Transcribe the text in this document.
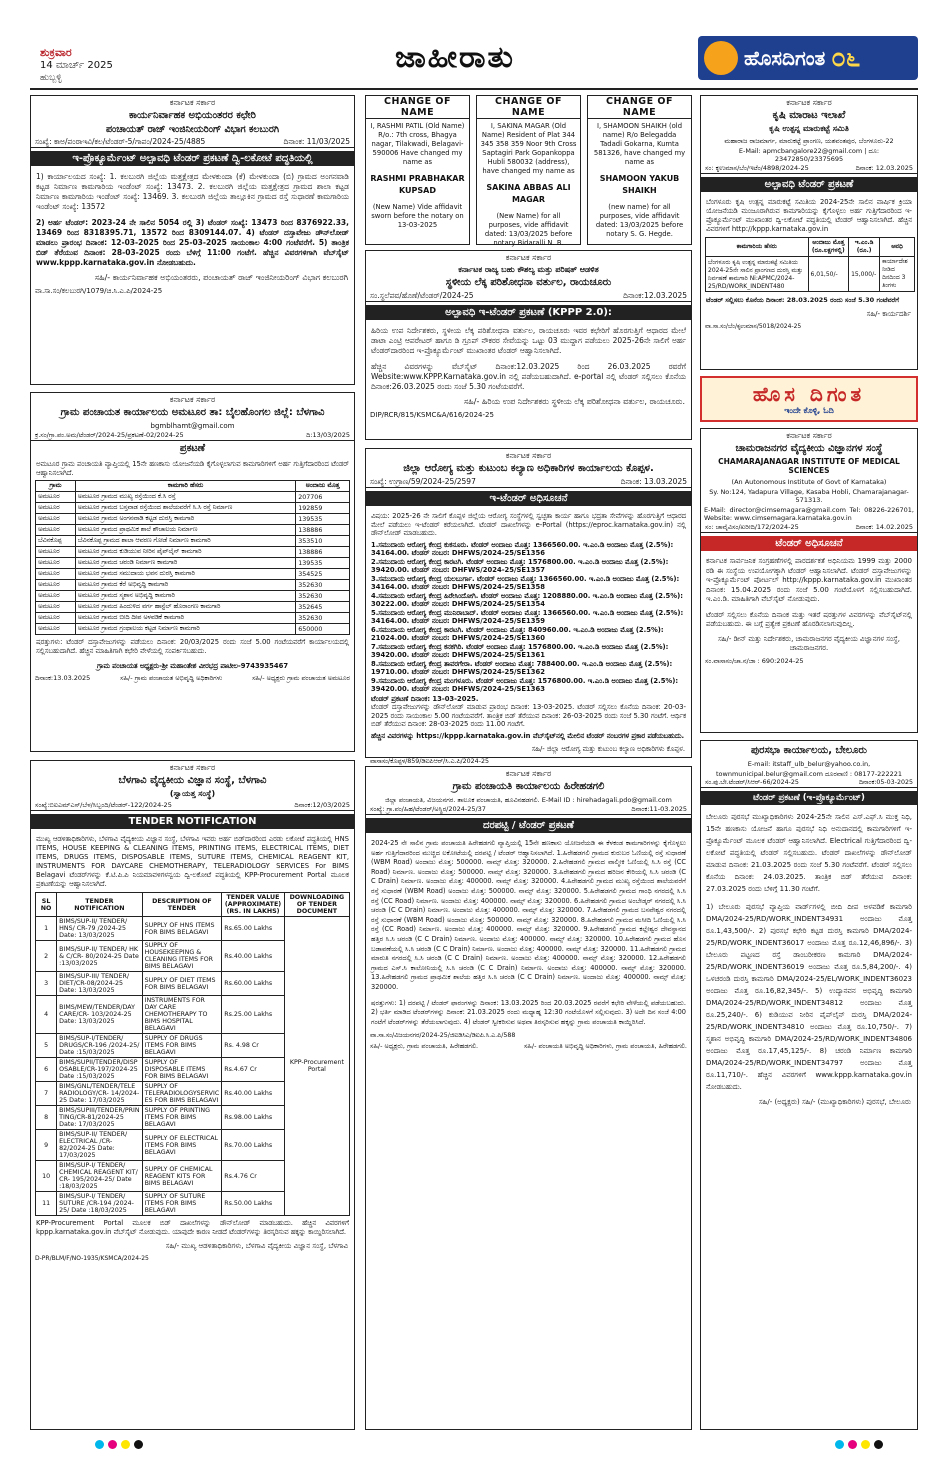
ಶುಕ್ರವಾರ
14 ಮಾರ್ಚ್ 2025
ಹುಬ್ಬಳ್ಳಿ
ಜಾಹೀರಾತು	ಹೊಸದಿಗಂತ ೦೬
ಕರ್ನಾಟಕ ಸರ್ಕಾರ
ಕಾರ್ಯನಿರ್ವಾಹಕ ಅಭಿಯಂತರರ ಕಛೇರಿ
ಪಂಚಾಯತ್ ರಾಜ್ ಇಂಜಿನೀಯರಿಂಗ್ ವಿಭಾಗ ಕಲಬುರಗಿ
ಸಂಖ್ಯೆ: ಕಾಅ/ಪಂರಾಇವಿ/ಕಲ/ಟೆಂಡರ್-5/ಗಾಪಂ/2024-25/4885	ದಿನಾಂಕ: 11/03/2025
ಇ-ಪ್ರೊಕ್ಯೂರ್ಮೆಂಟ್ ಅಲ್ಪಾವಧಿ ಟೆಂಡರ್ ಪ್ರಕಟಣೆ ದ್ವಿ-ಲಕೋಟೆ ಪದ್ಧತಿಯಲ್ಲಿ
1) ಕಾರ್ಯಾಲಯದ ಸಂಖ್ಯೆ: 1. ಕಲಬುರಗಿ ಜಿಲ್ಲೆಯ ಮತ್ತಕ್ಷೇತ್ರದ ಮೇಳಕುಂದಾ (ಕೆ) ಮೇಳಕುಂದಾ (ಬಿ) ಗ್ರಾಮದ ಅಂಗನವಾಡಿ ಕಟ್ಟಡ ನಿರ್ಮಾಣ ಕಾಮಗಾರಿಯ ಇಂಡೆಂಟ್ ಸಂಖ್ಯೆ: 13473. 2. ಕಲಬುರಗಿ ಜಿಲ್ಲೆಯ ಮತ್ತಕ್ಷೇತ್ರದ ಗ್ರಾಮದ ಶಾಲಾ ಕಟ್ಟಡ ನಿರ್ಮಾಣ ಕಾಮಗಾರಿಯ ಇಂಡೆಂಟ್ ಸಂಖ್ಯೆ: 13469. 3. ಕಲಬುರಗಿ ಜಿಲ್ಲೆಯ ತಾಲ್ಲೂಕಿನ ಗ್ರಾಮದ ರಸ್ತೆ ಸುಧಾರಣೆ ಕಾಮಗಾರಿಯ ಇಂಡೆಂಟ್ ಸಂಖ್ಯೆ: 13572
2) ಅರ್ಹ ಟೆಂಡರ್: 2023-24 ನೇ ಸಾಲಿನ 5054 ರಲ್ಲಿ 3) ಟೆಂಡರ್ ಸಂಖ್ಯೆ: 13473 ರಿಂದ 8376922.33, 13469 ರಿಂದ 8318395.71, 13572 ರಿಂದ 8309144.07. 4) ಟೆಂಡರ್ ದಸ್ತಾವೇಜು ಡೌನ್‌ಲೋಡ್ ಮಾಡಲು ಪ್ರಾರಂಭ ದಿನಾಂಕ: 12-03-2025 ರಿಂದ 25-03-2025 ಸಾಯಂಕಾಲ 4:00 ಗಂಟೆವರೆಗೆ. 5) ತಾಂತ್ರಿಕ ಬಿಡ್ ತೆರೆಯುವ ದಿನಾಂಕ: 28-03-2025 ರಂದು ಬೆಳಿಗ್ಗೆ 11:00 ಗಂಟೆಗೆ. ಹೆಚ್ಚಿನ ವಿವರಗಳಿಗಾಗಿ ವೆಬ್‌ಸೈಟ್ www.kppp.karnataka.gov.in ನೋಡಬಹುದು.
ಸಹಿ/- ಕಾರ್ಯನಿರ್ವಾಹಕ ಅಭಿಯಂತರರು, ಪಂಚಾಯತ್ ರಾಜ್ ಇಂಜಿನೀಯರಿಂಗ್ ವಿಭಾಗ ಕಲಬುರಗಿ
ವಾ.ಸಾ.ಸಂ/ಕಲಬುರಗಿ/1079/ಚಿ.ಸಿ.ಎ.ಪಿ/2024-25
CHANGE OF NAME
I, RASHMI PATIL (Old Name) R/o.: 7th cross, Bhagya nagar, Tilakwadi, Belagavi- 590006 Have changed my name as
RASHMI PRABHAKAR KUPSAD
(New Name) Vide affidavit sworn before the notary on 13-03-2025
CHANGE OF NAME
I, SAKINA MAGAR (Old Name) Resident of Plat 344 345 358 359 Noor 9th Cross Saptagiri Park Gopankoppa Hubli 580032 (address), have changed my name as
SAKINA ABBAS ALI MAGAR
(New Name) for all purposes, vide affidavit dated: 13/03/2025 before notary Bidaralli N. B.
CHANGE OF NAME
I, SHAMOON SHAIKH (old name) R/o Belegadda Tadadi Gokarna, Kumta 581326, have changed my name as
SHAMOON YAKUB SHAIKH
(new name) for all purposes, vide affidavit dated: 13/03/2025 before notary S. G. Hegde.
ಕರ್ನಾಟಕ ಸರ್ಕಾರ
ಕರ್ನಾಟಕ ರಾಜ್ಯ ಬಹು ಕೌಶಲ್ಯ ಮತ್ತು ಪರಿಷತ್ ಆಡಳಿತ
ಸ್ಥಳೀಯ ಲೆಕ್ಕ ಪರಿಶೋಧನಾ ವರ್ತುಲ, ರಾಯಚೂರು
ಸಂ.ಸ್ಥಲೆಪವ/ಹೊಣೆ/ಟೆಂಡರ್/2024-25	ದಿನಾಂಕ:12.03.2025
ಅಲ್ಪಾವಧಿ ಇ-ಟೆಂಡರ್ ಪ್ರಕಟಣೆ (KPPP 2.0):
ಹಿರಿಯ ಉಪ ನಿರ್ದೇಶಕರು, ಸ್ಥಳೀಯ ಲೆಕ್ಕ ಪರಿಶೋಧನಾ ವರ್ತುಲ, ರಾಯಚೂರು ಇವರ ಕಛೇರಿಗೆ ಹೊರಗುತ್ತಿಗೆ ಆಧಾರದ ಮೇಲೆ ಡಾಟಾ ಎಂಟ್ರಿ ಆಪರೇಟರ್ ಹಾಗೂ ಡಿ ಗ್ರೂಪ್ ನೌಕರರ ಸೇವೆಯನ್ನು ಒಟ್ಟು 03 ಮುದ್ದಾಗ ಪಡೆಯಲು 2025-26ನೇ ಸಾಲಿಗೆ ಅರ್ಹ ಟೆಂಡರ್‌ದಾರರಿಂದ ಇ-ಪ್ರೊಕ್ಯೂರ್ಮೆಂಟ್ ಮುಖಾಂತರ ಟೆಂಡರ್ ಆಹ್ವಾನಿಸಲಾಗಿದೆ.
ಹೆಚ್ಚಿನ ವಿವರಗಳನ್ನು ವೆಬ್‌ಸೈಟ್ ದಿನಾಂಕ:12.03.2025 ರಿಂದ 26.03.2025 ರವರೆಗೆ Website:www.KPPP.Karnataka.gov.in ನಲ್ಲಿ ಪಡೆಯಬಹುದಾಗಿದೆ. e-portal ನಲ್ಲಿ ಟೆಂಡರ್ ಸಲ್ಲಿಸಲು ಕೊನೆಯ ದಿನಾಂಕ:26.03.2025 ರಂದು ಸಂಜೆ 5.30 ಗಂಟೆಯವರೆಗೆ.
ಸಹಿ/- ಹಿರಿಯ ಉಪ ನಿರ್ದೇಶಕರು ಸ್ಥಳೀಯ ಲೆಕ್ಕ ಪರಿಶೋಧನಾ ವರ್ತುಲ, ರಾಯಚೂರು.
DIP/RCR/815/KSMC&A/616/2024-25
ಕರ್ನಾಟಕ ಸರ್ಕಾರ
ಕೃಷಿ ಮಾರಾಟ ಇಲಾಖೆ
ಕೃಷಿ ಉತ್ಪನ್ನ ಮಾರುಕಟ್ಟೆ ಸಮಿತಿ
ಮಹಾರಾಜ ರಾಜಮಾರ್ಗ, ಮಾರುಕಟ್ಟೆ ಪ್ರಾಂಗಣ, ಯಶವಂತಪುರ, ಬೆಂಗಳೂರು-22
E-Mail: apmcbangalore22@gmail.com | ದೂ: 23472850/23375695
ಸಂ: ಕೃಉಮಾಸ/ಬೆಂ/ಇಟೆಂ/4898/2024-25	ದಿನಾಂಕ: 12.03.2025
ಅಲ್ಪಾವಧಿ ಟೆಂಡರ್ ಪ್ರಕಟಣೆ
ಬೆಂಗಳೂರು ಕೃಷಿ ಉತ್ಪನ್ನ ಮಾರುಕಟ್ಟೆ ಸಮಿತಿಯ 2024-25ನೇ ಸಾಲಿನ ವಾರ್ಷಿಕ ಕ್ರಿಯಾ ಯೋಜನೆಯಡಿ ಮಂಜೂರಾಗಿರುವ ಕಾಮಗಾರಿಯನ್ನು ಕೈಗೊಳ್ಳಲು ಅರ್ಹ ಗುತ್ತಿಗೆದಾರರಿಂದ ಇ-ಪ್ರೊಕ್ಯೂರ್ಮೆಂಟ್ ಮುಖಾಂತರ ದ್ವಿ-ಲಕೋಟೆ ಪದ್ಧತಿಯಲ್ಲಿ ಟೆಂಡರ್ ಆಹ್ವಾನಿಸಲಾಗಿದೆ. ಹೆಚ್ಚಿನ ವಿವರಗಳಿಗೆ http://kppp.karnataka.gov.in
ಕಾಮಗಾರಿಯ ಹೆಸರು	ಅಂದಾಜು ಮೊತ್ತ (ರೂ.ಲಕ್ಷಗಳಲ್ಲಿ)	ಇ.ಎಂ.ಡಿ (ರೂ.)	ಅವಧಿ
ಬೆಂಗಳೂರು ಕೃಷಿ ಉತ್ಪನ್ನ ಮಾರುಕಟ್ಟೆ ಸಮಿತಿಯ 2024-25ನೇ ಸಾಲಿನ ಪ್ರಾಂಗಣದ ದುರಸ್ತಿ ಮತ್ತು ನಿರ್ವಹಣೆ ಕಾಮಗಾರಿ Ni:APMC/2024-25/RD/WORK_INDENT480	6,01,50/-	15,000/-	ಕಾರ್ಯಾದೇಶ ನೀಡಿದ ದಿನದಿಂದ 3 ತಿಂಗಳು
ಟೆಂಡರ್ ಸಲ್ಲಿಸಲು ಕೊನೆಯ ದಿನಾಂಕ: 28.03.2025 ರಂದು ಸಂಜೆ 5.30 ಗಂಟೆವರೆಗೆ
ಸಹಿ/- ಕಾರ್ಯದರ್ಶಿ
ವಾ.ಸಾ.ಸಂ/ಬೆಂ/ಕೃಉಮಾಸ/5018/2024-25
ಹೊಸ ದಿಗಂತ
ಇಂದೇ ಕೊಳ್ಳಿ, ಓದಿ
ಕರ್ನಾಟಕ ಸರ್ಕಾರ
ಚಾಮರಾಜನಗರ ವೈದ್ಯಕೀಯ ವಿಜ್ಞಾನಗಳ ಸಂಸ್ಥೆ
CHAMARAJANAGAR INSTITUTE OF MEDICAL SCIENCES
(An Autonomous Institute of Govt of Karnataka)
Sy. No:124, Yadapura Village, Kasaba Hobli, Chamarajanagar-571313.
E-Mail: director@cimsemagara@gmail.com Tel: 08226-226701, Website: www.cimsemagara.karnataka.gov.in
ಸಂ: ಚಾವೈವಿಸಂ/ಖರೀದಿ/172/2024-25	ದಿನಾಂಕ: 14.02.2025
ಟೆಂಡರ್ ಅಧಿಸೂಚನೆ
ಕರ್ನಾಟಕ ಸಾರ್ವಜನಿಕ ಸಂಗ್ರಹಣೆಗಳಲ್ಲಿ ಪಾರದರ್ಶಕತೆ ಅಧಿನಿಯಮ 1999 ಮತ್ತು 2000 ರಡಿ ಈ ಸಂಸ್ಥೆಯ ಉಪಯೋಗಕ್ಕಾಗಿ ಟೆಂಡರ್ ಆಹ್ವಾನಿಸಲಾಗಿದೆ. ಟೆಂಡರ್ ದಸ್ತಾವೇಜುಗಳನ್ನು ಇ-ಪ್ರೊಕ್ಯೂರ್ಮೆಂಟ್ ಪೋರ್ಟಲ್ http://kppp.karnataka.gov.in ಮುಖಾಂತರ ದಿನಾಂಕ: 15.04.2025 ರಂದು ಸಂಜೆ 5.00 ಗಂಟೆಯೊಳಗೆ ಸಲ್ಲಿಸಬಹುದಾಗಿದೆ. ಇ.ಎಂ.ಡಿ. ಮಾಹಿತಿಗಾಗಿ ವೆಬ್‌ಸೈಟ್ ನೋಡುವುದು.
ಟೆಂಡರ್ ಸಲ್ಲಿಸಲು ಕೊನೆಯ ದಿನಾಂಕ ಮತ್ತು ಇತರೆ ಷರತ್ತುಗಳ ವಿವರಗಳನ್ನು ವೆಬ್‌ಸೈಟ್‌ನಲ್ಲಿ ಪಡೆಯಬಹುದು. ಈ ಬಗ್ಗೆ ಪ್ರತ್ಯೇಕ ಪ್ರಕಟಣೆ ಹೊರಡಿಸಲಾಗುವುದಿಲ್ಲ.
ಸಹಿ/- ಡೀನ್ ಮತ್ತು ನಿರ್ದೇಶಕರು, ಚಾಮರಾಜನಗರ ವೈದ್ಯಕೀಯ ವಿಜ್ಞಾನಗಳ ಸಂಸ್ಥೆ, ಚಾಮರಾಜನಗರ.
ಸಂ.ವಾಸಾಸಂ/ಚಾ.ನ/ಜಾ : 690:2024-25
ಕರ್ನಾಟಕ ಸರ್ಕಾರ
ಗ್ರಾಮ ಪಂಚಾಯತ ಕಾರ್ಯಾಲಯ ಅಮಟೂರ ತಾ: ಬೈಲಹೊಂಗಲ ಜಿಲ್ಲೆ: ಬೆಳಗಾವಿ
bgmblhamt@gmail.com
ಕ್ರ.ಸಂ/ಗ್ರಾ.ಪಂ.ಅಮ/ಟೆಂಡರ್/2024-25/ಪ್ರಕಟಣೆ-02/2024-25	ದಿ:13/03/2025
ಪ್ರಕಟಣೆ
ಅಮಟೂರ ಗ್ರಾಮ ಪಂಚಾಯತಿ ವ್ಯಾಪ್ತಿಯಲ್ಲಿ 15ನೇ ಹಣಕಾಸು ಯೋಜನೆಯಡಿ ಕೈಗೊಳ್ಳಲಾಗುವ ಕಾಮಗಾರಿಗಳಿಗೆ ಅರ್ಹ ಗುತ್ತಿಗೆದಾರರಿಂದ ಟೆಂಡರ್ ಆಹ್ವಾನಿಸಲಾಗಿದೆ.
ಗ್ರಾಮ	ಕಾಮಗಾರಿ ಹೆಸರು	ಅಂದಾಜು ಮೊತ್ತ
ಅಮಟೂರ	ಅಮಟೂರ ಗ್ರಾಮದ ಮುಖ್ಯ ರಸ್ತೆಯಿಂದ ಕೆ.ಸಿ ರಸ್ತೆ	207706
ಅಮಟೂರ	ಅಮಟೂರ ಗ್ರಾಮದ ಬಸ್ತವಾಡ ರಸ್ತೆಯಿಂದ ಶಾಲೆಯವರೆಗೆ ಸಿ.ಸಿ ರಸ್ತೆ ನಿರ್ಮಾಣ	192859
ಅಮಟೂರ	ಅಮಟೂರ ಗ್ರಾಮದ ಅಂಗನವಾಡಿ ಕಟ್ಟಡ ದುರಸ್ತಿ ಕಾಮಗಾರಿ	139535
ಅಮಟೂರ	ಅಮಟೂರ ಗ್ರಾಮದ ಪ್ರಾಥಮಿಕ ಶಾಲೆ ಶೌಚಾಲಯ ನಿರ್ಮಾಣ	138886
ಬೆವಿನಕೊಪ್ಪ	ಬೆವಿನಕೊಪ್ಪ ಗ್ರಾಮದ ಶಾಲಾ ಆವರಣ ಗೋಡೆ ನಿರ್ಮಾಣ ಕಾಮಗಾರಿ	353510
ಅಮಟೂರ	ಅಮಟೂರ ಗ್ರಾಮದ ಕುಡಿಯುವ ನೀರಿನ ಪೈಪ್‌ಲೈನ್ ಕಾಮಗಾರಿ	138886
ಅಮಟೂರ	ಅಮಟೂರ ಗ್ರಾಮದ ಚರಂಡಿ ನಿರ್ಮಾಣ ಕಾಮಗಾರಿ	139535
ಅಮಟೂರ	ಅಮಟೂರ ಗ್ರಾಮದ ಸಮುದಾಯ ಭವನ ದುರಸ್ತಿ ಕಾಮಗಾರಿ	354525
ಅಮಟೂರ	ಅಮಟೂರ ಗ್ರಾಮದ ಕೆರೆ ಅಭಿವೃದ್ಧಿ ಕಾಮಗಾರಿ	352630
ಅಮಟೂರ	ಅಮಟೂರ ಗ್ರಾಮದ ಸ್ಮಶಾನ ಅಭಿವೃದ್ಧಿ ಕಾಮಗಾರಿ	352630
ಅಮಟೂರ	ಅಮಟೂರ ಗ್ರಾಮದ ಹಿಂದುಳಿದ ವರ್ಗ ಹಾಸ್ಟೆಲ್ ಹೊರಾಂಗಣ ಕಾಮಗಾರಿ	352645
ಅಮಟೂರ	ಅಮಟೂರ ಗ್ರಾಮದ ಬೀದಿ ದೀಪ ಅಳವಡಿಕೆ ಕಾಮಗಾರಿ	352630
ಅಮಟೂರ	ಅಮಟೂರ ಗ್ರಾಮದ ಗ್ರಂಥಾಲಯ ಕಟ್ಟಡ ನಿರ್ಮಾಣ ಕಾಮಗಾರಿ	650000
ಷರತ್ತುಗಳು: ಟೆಂಡರ್ ದಸ್ತಾವೇಜುಗಳನ್ನು ಪಡೆಯಲು ದಿನಾಂಕ: 20/03/2025 ರಂದು ಸಂಜೆ 5.00 ಗಂಟೆಯವರೆಗೆ ಕಾರ್ಯಾಲಯದಲ್ಲಿ ಸಲ್ಲಿಸಬಹುದಾಗಿದೆ. ಹೆಚ್ಚಿನ ಮಾಹಿತಿಗಾಗಿ ಕಛೇರಿ ವೇಳೆಯಲ್ಲಿ ಸಂಪರ್ಕಿಸಬಹುದು.
ಗ್ರಾಮ ಪಂಚಾಯತ ಅಧ್ಯಕ್ಷರು-ಶ್ರೀ ಮಹಾಂತೇಶ ವೀರಭದ್ರ ಪಾಟೀಲ-9743935467
ದಿನಾಂಕ:13.03.2025	ಸಹಿ/- ಗ್ರಾಮ ಪಂಚಾಯತ ಅಭಿವೃದ್ಧಿ ಅಧಿಕಾರಿಗಳು	ಸಹಿ/- ಅಧ್ಯಕ್ಷರು ಗ್ರಾಮ ಪಂಚಾಯತ ಅಮಟೂರ
ಕರ್ನಾಟಕ ಸರ್ಕಾರ
ಜಿಲ್ಲಾ ಆರೋಗ್ಯ ಮತ್ತು ಕುಟುಂಬ ಕಲ್ಯಾಣ ಅಧಿಕಾರಿಗಳ ಕಾರ್ಯಾಲಯ ಕೊಪ್ಪಳ.
ಸಂಖ್ಯೆ: ಉಗ್ರಾಣ/59/2024-25/2597	ದಿನಾಂಕ: 13.03.2025
ಇ-ಟೆಂಡರ್ ಅಧಿಸೂಚನೆ
ವಿಷಯ: 2025-26 ನೇ ಸಾಲಿಗೆ ಕೊಪ್ಪಳ ಜಿಲ್ಲೆಯ ಆರೋಗ್ಯ ಸಂಸ್ಥೆಗಳಲ್ಲಿ ಸ್ವಚ್ಛತಾ ಕಾರ್ಯ ಹಾಗೂ ಭದ್ರತಾ ಸೇವೆಗಳನ್ನು ಹೊರಗುತ್ತಿಗೆ ಆಧಾರದ ಮೇಲೆ ಪಡೆಯಲು ಇ-ಟೆಂಡರ್ ಕರೆಯಲಾಗಿದೆ. ಟೆಂಡರ್ ದಾಖಲೆಗಳನ್ನು e-Portal (https://eproc.karnataka.gov.in) ನಲ್ಲಿ ಡೌನ್‌ಲೋಡ್ ಮಾಡಬಹುದು.
1.ಸಮುದಾಯ ಆರೋಗ್ಯ ಕೇಂದ್ರ ಕುಕನೂರು. ಟೆಂಡರ್ ಅಂದಾಜು ಮೊತ್ತ: 1366560.00. ಇ.ಎಂ.ಡಿ ಅಂದಾಜು ಮೊತ್ತ (2.5%): 34164.00. ಟೆಂಡರ್ ನಂಬರ: DHFWS/2024-25/SE1356
2.ಸಮುದಾಯ ಆರೋಗ್ಯ ಕೇಂದ್ರ ಕಾರಟಗಿ. ಟೆಂಡರ್ ಅಂದಾಜು ಮೊತ್ತ: 1576800.00. ಇ.ಎಂ.ಡಿ ಅಂದಾಜು ಮೊತ್ತ (2.5%): 39420.00. ಟೆಂಡರ್ ನಂಬರ: DHFWS/2024-25/SE1357
3.ಸಮುದಾಯ ಆರೋಗ್ಯ ಕೇಂದ್ರ ಯಲಬುರ್ಗಾ. ಟೆಂಡರ್ ಅಂದಾಜು ಮೊತ್ತ: 1366560.00. ಇ.ಎಂ.ಡಿ ಅಂದಾಜು ಮೊತ್ತ (2.5%): 34164.00. ಟೆಂಡರ್ ನಂಬರ: DHFWS/2024-25/SE1358
4.ಸಮುದಾಯ ಆರೋಗ್ಯ ಕೇಂದ್ರ ಹಿರೇಸಿಂದೋಗಿ. ಟೆಂಡರ್ ಅಂದಾಜು ಮೊತ್ತ: 1208880.00. ಇ.ಎಂ.ಡಿ ಅಂದಾಜು ಮೊತ್ತ (2.5%): 30222.00. ಟೆಂಡರ್ ನಂಬರ: DHFWS/2024-25/SE1354
5.ಸಮುದಾಯ ಆರೋಗ್ಯ ಕೇಂದ್ರ ಮುನಿರಾಬಾದ್. ಟೆಂಡರ್ ಅಂದಾಜು ಮೊತ್ತ: 1366560.00. ಇ.ಎಂ.ಡಿ ಅಂದಾಜು ಮೊತ್ತ (2.5%): 34164.00. ಟೆಂಡರ್ ನಂಬರ: DHFWS/2024-25/SE1359
6.ಸಮುದಾಯ ಆರೋಗ್ಯ ಕೇಂದ್ರ ಕಾರಟಗಿ. ಟೆಂಡರ್ ಅಂದಾಜು ಮೊತ್ತ: 840960.00. ಇ.ಎಂ.ಡಿ ಅಂದಾಜು ಮೊತ್ತ (2.5%): 21024.00. ಟೆಂಡರ್ ನಂಬರ: DHFWS/2024-25/SE1360
7.ಸಮುದಾಯ ಆರೋಗ್ಯ ಕೇಂದ್ರ ಕನಕಗಿರಿ. ಟೆಂಡರ್ ಅಂದಾಜು ಮೊತ್ತ: 1576800.00. ಇ.ಎಂ.ಡಿ ಅಂದಾಜು ಮೊತ್ತ (2.5%): 39420.00. ಟೆಂಡರ್ ನಂಬರ: DHFWS/2024-25/SE1361
8.ಸಮುದಾಯ ಆರೋಗ್ಯ ಕೇಂದ್ರ ತಾವರಗೇರಾ. ಟೆಂಡರ್ ಅಂದಾಜು ಮೊತ್ತ: 788400.00. ಇ.ಎಂ.ಡಿ ಅಂದಾಜು ಮೊತ್ತ (2.5%): 19710.00. ಟೆಂಡರ್ ನಂಬರ: DHFWS/2024-25/SE1362
9.ಸಮುದಾಯ ಆರೋಗ್ಯ ಕೇಂದ್ರ ಮಂಗಳೂರು. ಟೆಂಡರ್ ಅಂದಾಜು ಮೊತ್ತ: 1576800.00. ಇ.ಎಂ.ಡಿ ಅಂದಾಜು ಮೊತ್ತ (2.5%): 39420.00. ಟೆಂಡರ್ ನಂಬರ: DHFWS/2024-25/SE1363
ಟೆಂಡರ್ ಪ್ರಕಟಣೆ ದಿನಾಂಕ: 13-03-2025.
ಟೆಂಡರ್ ದಸ್ತಾವೇಜುಗಳನ್ನು ಡೌನ್‌ಲೋಡ್ ಮಾಡುವ ಪ್ರಾರಂಭ ದಿನಾಂಕ: 13-03-2025. ಟೆಂಡರ್ ಸಲ್ಲಿಸಲು ಕೊನೆಯ ದಿನಾಂಕ: 20-03-2025 ರಂದು ಸಾಯಂಕಾಲ 5.00 ಗಂಟೆಯವರೆಗೆ. ತಾಂತ್ರಿಕ ಬಿಡ್ ತೆರೆಯುವ ದಿನಾಂಕ: 26-03-2025 ರಂದು ಸಂಜೆ 5.30 ಗಂಟೆಗೆ. ಆರ್ಥಿಕ ಬಿಡ್ ತೆರೆಯುವ ದಿನಾಂಕ: 28-03-2025 ರಂದು 11.00 ಗಂಟೆಗೆ.
ಹೆಚ್ಚಿನ ವಿವರಗಳನ್ನು https://kppp.karnataka.gov.in ವೆಬ್‌ಸೈಟ್‌ನಲ್ಲಿ ಮೇಲಿನ ಟೆಂಡರ್ ನಂಬರಗಳ ಪ್ರಕಾರ ಪಡೆಯಬಹುದು.
ಸಹಿ/- ಜಿಲ್ಲಾ ಆರೋಗ್ಯ ಮತ್ತು ಕುಟುಂಬ ಕಲ್ಯಾಣ ಅಧಿಕಾರಿಗಳು ಕೊಪ್ಪಳ.
ವಾಸಾಸಂ/ಕೊಪ್ಪಳ/859/ಡಿಐಪಿಆರ್/ಸಿ.ಎ.ಪಿ/2024-25
ಕರ್ನಾಟಕ ಸರ್ಕಾರ
ಬೆಳಗಾವಿ ವೈದ್ಯಕೀಯ ವಿಜ್ಞಾನ ಸಂಸ್ಥೆ, ಬೆಳಗಾವಿ
(ಸ್ವಾಯತ್ತ ಸಂಸ್ಥೆ)
ಸಂಖ್ಯೆ:ಬಿಐಎಮ್ಎಸ್/ಬೆಳ/ಸಿಬ್ಬಂದಿ/ಟೆಂಡರ್-122/2024-25	ದಿನಾಂಕ:12/03/2025
TENDER NOTIFICATION
ಮುಖ್ಯ ಆಡಳಿತಾಧಿಕಾರಿಗಳು, ಬೆಳಗಾವಿ ವೈದ್ಯಕೀಯ ವಿಜ್ಞಾನ ಸಂಸ್ಥೆ, ಬೆಳಗಾವಿ ಇವರು ಅರ್ಹ ಬಿಡ್‌ದಾರರಿಂದ ಎರಡು ಲಕೋಟೆ ಪದ್ಧತಿಯಲ್ಲಿ HNS ITEMS, HOUSE KEEPING & CLEANING ITEMS, PRINTING ITEMS, ELECTRICAL ITEMS, DIET ITEMS, DRUGS ITEMS, DISPOSABLE ITEMS, SUTURE ITEMS, CHEMICAL REAGENT KIT, INSTRUMENTS FOR DAYCARE CHEMOTHERAPY, TELERADIOLOGY SERVICES For BIMS Belagavi ಟೆಂಡರ್‌ಗಳನ್ನು ಕೆ.ಟಿ.ಪಿ.ಪಿ ನಿಯಮಾವಳಿಗಳನ್ವಯ ದ್ವಿ-ಲಕೋಟೆ ಪದ್ಧತಿಯಲ್ಲಿ KPP-Procurement Portal ಮೂಲಕ ಪ್ರಕಟಣೆಯನ್ನು ಆಹ್ವಾನಿಸಲಾಗಿದೆ.
SL NO	TENDER NOTIFICATION	DESCRIPTION OF TENDER	TENDER VALUE (APPROXIMATE) (RS. IN LAKHS)	DOWNLOADING OF TENDER DOCUMENT
1	BIMS/SUP-II/ TENDER/ HNS/ CR-79 /2024-25 Date: 13/03/2025	SUPPLY OF HNS ITEMS FOR BIMS BELAGAVI	Rs.65.00 Lakhs	KPP-Procurement Portal
2	BIMS/SUP-II/ TENDER/ HK & C/CR- 80/2024-25 Date :13/03/2025	SUPPLY OF HOUSEKEEPING & CLEANING ITEMS FOR BIMS BELAGAVI	Rs.40.00 Lakhs	
3	BIMS/SUP-III/ TENDER/ DIET/CR-08/2024-25 Date: 13/03/2025	SUPPLY OF DIET ITEMS FOR BIMS BELAGAVI	Rs.60.00 Lakhs	
4	BIMS/MEW/TENDER/DAY CARE/CR- 103/2024-25 Date: 13/03/2025	INSTRUMENTS FOR DAY CARE CHEMOTHERAPY TO BIMS HOSPITAL BELAGAVI	Rs.25.00 Lakhs	
5	BIMS/SUP-I/TENDER/ DRUGS/CR-196 /2024-25/ Date :15/03/2025	SUPPLY OF DRUGS ITEMS FOR BIMS BELAGAVI	Rs. 4.98 Cr	
6	BIMS/SUPII/TENDER/DISP OSABLE/CR-197/2024-25 Date :15/03/2025	SUPPLY OF DISPOSABLE ITEMS FOR BIMS BELAGAVI	Rs.4.67 Cr	
7	BIMS/GNL/TENDER/TELE RADIOLOGY/CR- 14/2024-25 Date: 17/03/2025	SUPPLY OF TELERADIOLOGYSERVIC ES FOR BIMS BELAGAVI	Rs.40.00 Lakhs	
8	BIMS/SUPIII/TENDER/PRIN TING/CR-81/2024-25 Date: 17/03/2025	SUPPLY OF PRINTING ITEMS FOR BIMS BELAGAVI	Rs.98.00 Lakhs	
9	BIMS/SUP-II/ TENDER/ ELECTRICAL /CR- 82/2024-25 Date: 17/03/2025	SUPPLY OF ELECTRICAL ITEMS FOR BIMS BELAGAVI	Rs.70.00 Lakhs	
10	BIMS/SUP-I/ TENDER/ CHEMICAL REAGENT KIT/ CR- 195/2024-25/ Date :18/03/2025	SUPPLY OF CHEMICAL REAGENT KITS FOR BIMS BELAGAVI	Rs.4.76 Cr	
11	BIMS/SUP-I/ TENDER/ SUTURE /CR-194 /2024-25/ Date :18/03/2025	SUPPLY OF SUTURE ITEMS FOR BIMS BELAGAVI	Rs.50.00 Lakhs	
KPP-Procurement Portal ಮೂಲಕ ಬಿಡ್ ದಾಖಲೆಗಳನ್ನು ಡೌನ್‌ಲೋಡ್ ಮಾಡಬಹುದು. ಹೆಚ್ಚಿನ ವಿವರಗಳಿಗೆ kppp.karnataka.gov.in ವೆಬ್‌ಸೈಟ್ ನೋಡುವುದು. ಯಾವುದೇ ಕಾರಣ ನೀಡದೆ ಟೆಂಡರ್‌ಗಳನ್ನು ತಿರಸ್ಕರಿಸುವ ಹಕ್ಕನ್ನು ಕಾಯ್ದಿರಿಸಲಾಗಿದೆ.
ಸಹಿ/- ಮುಖ್ಯ ಆಡಳಿತಾಧಿಕಾರಿಗಳು, ಬೆಳಗಾವಿ ವೈದ್ಯಕೀಯ ವಿಜ್ಞಾನ ಸಂಸ್ಥೆ, ಬೆಳಗಾವಿ
D-PR/BLM/F/NO-1935/KSMCA/2024-25
ಕರ್ನಾಟಕ ಸರ್ಕಾರ
ಗ್ರಾಮ ಪಂಚಾಯತಿ ಕಾರ್ಯಾಲಯ ಹಿರೇಹಡಗಲಿ
ಜಿಲ್ಲಾ ಪಂಚಾಯತಿ, ವಿಜಯನಗರ. ತಾಲೂಕ ಪಂಚಾಯತಿ, ಹೂವಿನಹಡಗಲಿ. E-Mail ID : hirehadagali.pdo@gmail.com
ಸಂಖ್ಯೆ: ಗ್ರಾ.ಪಂ/ಹಿಹ/ಟೆಂಡರ್/ಅಸ್ಥಿರ/2024-25/37	ದಿನಾಂಕ:11-03.2025
ದರಪಟ್ಟಿ / ಟೆಂಡರ್ ಪ್ರಕಟಣೆ
2024-25 ನೇ ಸಾಲಿನ ಗ್ರಾಮ ಪಂಚಾಯತಿ ಹಿರೇಹಡಗಲಿ ವ್ಯಾಪ್ತಿಯಲ್ಲಿ 15ನೇ ಹಣಕಾಸು ಯೋಜನೆಯಡಿ ಈ ಕೆಳಕಂಡ ಕಾಮಗಾರಿಗಳನ್ನು ಕೈಗೊಳ್ಳಲು ಅರ್ಹ ಗುತ್ತಿಗೆದಾರರಿಂದ ಮುಚ್ಚಿದ ಲಕೋಟೆಯಲ್ಲಿ ದರಪಟ್ಟಿ / ಟೆಂಡರ್ ಆಹ್ವಾನಿಸಲಾಗಿದೆ. 1.ಹಿರೇಹಡಗಲಿ ಗ್ರಾಮದ ಕುರುಬರ ಓಣಿಯಲ್ಲಿ ರಸ್ತೆ ಸುಧಾರಣೆ (WBM Road) ಅಂದಾಜು ಮೊತ್ತ: 500000. ನಾಮ್ಸ್ ಮೊತ್ತ: 320000. 2.ಹಿರೇಹಡಗಲಿ ಗ್ರಾಮದ ವಾಲ್ಮೀಕಿ ಓಣಿಯಲ್ಲಿ ಸಿ.ಸಿ ರಸ್ತೆ (CC Road) ನಿರ್ಮಾಣ. ಅಂದಾಜು ಮೊತ್ತ: 500000. ನಾಮ್ಸ್ ಮೊತ್ತ: 320000. 3.ಹಿರೇಹಡಗಲಿ ಗ್ರಾಮದ ಹರಿಜನ ಕೇರಿಯಲ್ಲಿ ಸಿ.ಸಿ ಚರಂಡಿ (C C Drain) ನಿರ್ಮಾಣ. ಅಂದಾಜು ಮೊತ್ತ: 400000. ನಾಮ್ಸ್ ಮೊತ್ತ: 320000. 4.ಹಿರೇಹಡಗಲಿ ಗ್ರಾಮದ ಮುಖ್ಯ ರಸ್ತೆಯಿಂದ ಶಾಲೆಯವರೆಗೆ ರಸ್ತೆ ಸುಧಾರಣೆ (WBM Road) ಅಂದಾಜು ಮೊತ್ತ: 500000. ನಾಮ್ಸ್ ಮೊತ್ತ: 320000. 5.ಹಿರೇಹಡಗಲಿ ಗ್ರಾಮದ ಗಾಂಧಿ ನಗರದಲ್ಲಿ ಸಿ.ಸಿ ರಸ್ತೆ (CC Road) ನಿರ್ಮಾಣ. ಅಂದಾಜು ಮೊತ್ತ: 400000. ನಾಮ್ಸ್ ಮೊತ್ತ: 320000. 6.ಹಿರೇಹಡಗಲಿ ಗ್ರಾಮದ ಅಂಬೇಡ್ಕರ್ ನಗರದಲ್ಲಿ ಸಿ.ಸಿ ಚರಂಡಿ (C C Drain) ನಿರ್ಮಾಣ. ಅಂದಾಜು ಮೊತ್ತ: 400000. ನಾಮ್ಸ್ ಮೊತ್ತ: 320000. 7.ಹಿರೇಹಡಗಲಿ ಗ್ರಾಮದ ಬಸವೇಶ್ವರ ನಗರದಲ್ಲಿ ರಸ್ತೆ ಸುಧಾರಣೆ (WBM Road) ಅಂದಾಜು ಮೊತ್ತ: 500000. ನಾಮ್ಸ್ ಮೊತ್ತ: 320000. 8.ಹಿರೇಹಡಗಲಿ ಗ್ರಾಮದ ಮಸೀದಿ ಓಣಿಯಲ್ಲಿ ಸಿ.ಸಿ ರಸ್ತೆ (CC Road) ನಿರ್ಮಾಣ. ಅಂದಾಜು ಮೊತ್ತ: 400000. ನಾಮ್ಸ್ ಮೊತ್ತ: 320000. 9.ಹಿರೇಹಡಗಲಿ ಗ್ರಾಮದ ಕಲ್ಲೇಶ್ವರ ದೇವಸ್ಥಾನದ ಹತ್ತಿರ ಸಿ.ಸಿ ಚರಂಡಿ (C C Drain) ನಿರ್ಮಾಣ. ಅಂದಾಜು ಮೊತ್ತ: 400000. ನಾಮ್ಸ್ ಮೊತ್ತ: 320000. 10.ಹಿರೇಹಡಗಲಿ ಗ್ರಾಮದ ಹೊಸ ಬಡಾವಣೆಯಲ್ಲಿ ಸಿ.ಸಿ ಚರಂಡಿ (C C Drain) ನಿರ್ಮಾಣ. ಅಂದಾಜು ಮೊತ್ತ: 400000. ನಾಮ್ಸ್ ಮೊತ್ತ: 320000. 11.ಹಿರೇಹಡಗಲಿ ಗ್ರಾಮದ ಮಾರುತಿ ನಗರದಲ್ಲಿ ಸಿ.ಸಿ ಚರಂಡಿ (C C Drain) ನಿರ್ಮಾಣ. ಅಂದಾಜು ಮೊತ್ತ: 400000. ನಾಮ್ಸ್ ಮೊತ್ತ: 320000. 12.ಹಿರೇಹಡಗಲಿ ಗ್ರಾಮದ ಎಸ್.ಸಿ ಕಾಲೋನಿಯಲ್ಲಿ ಸಿ.ಸಿ ಚರಂಡಿ (C C Drain) ನಿರ್ಮಾಣ. ಅಂದಾಜು ಮೊತ್ತ: 400000. ನಾಮ್ಸ್ ಮೊತ್ತ: 320000. 13.ಹಿರೇಹಡಗಲಿ ಗ್ರಾಮದ ಪ್ರಾಥಮಿಕ ಶಾಲೆಯ ಹತ್ತಿರ ಸಿ.ಸಿ ಚರಂಡಿ (C C Drain) ನಿರ್ಮಾಣ. ಅಂದಾಜು ಮೊತ್ತ: 400000. ನಾಮ್ಸ್ ಮೊತ್ತ: 320000.
ಷರತ್ತುಗಳು: 1) ದರಪಟ್ಟಿ / ಟೆಂಡರ್ ಫಾರಂಗಳನ್ನು ದಿನಾಂಕ: 13.03.2025 ರಿಂದ 20.03.2025 ರವರೆಗೆ ಕಛೇರಿ ವೇಳೆಯಲ್ಲಿ ಪಡೆಯಬಹುದು. 2) ಭರ್ತಿ ಮಾಡಿದ ಟೆಂಡರ್‌ಗಳನ್ನು ದಿನಾಂಕ: 21.03.2025 ರಂದು ಮಧ್ಯಾಹ್ನ 12:30 ಗಂಟೆಯೊಳಗೆ ಸಲ್ಲಿಸುವುದು. 3) ಅದೇ ದಿನ ಸಂಜೆ 4:00 ಗಂಟೆಗೆ ಟೆಂಡರ್‌ಗಳನ್ನು ತೆರೆಯಲಾಗುವುದು. 4) ಟೆಂಡರ್ ಸ್ವೀಕರಿಸುವ ಅಥವಾ ತಿರಸ್ಕರಿಸುವ ಹಕ್ಕನ್ನು ಗ್ರಾಮ ಪಂಚಾಯತಿ ಕಾಯ್ದಿರಿಸಿದೆ.
ವಾ.ಸಾ.ಸಂ/ವಿಜಯನಗರ/2024-25/ಜಿಐಡಿಸಿಎ/ಡಿಐಪಿ.ಸಿ.ಎ.ಪಿ/588
ಸಹಿ/- ಅಧ್ಯಕ್ಷರು, ಗ್ರಾಮ ಪಂಚಾಯತಿ, ಹಿರೇಹಡಗಲಿ.	ಸಹಿ/- ಪಂಚಾಯತಿ ಅಭಿವೃದ್ಧಿ ಅಧಿಕಾರಿಗಳು, ಗ್ರಾಮ ಪಂಚಾಯತಿ, ಹಿರೇಹಡಗಲಿ.
ಪುರಸಭಾ ಕಾರ್ಯಾಲಯ, ಬೇಲೂರು
E-mail: itstaff_ulb_belur@yahoo.co.in,
townmunicipal.belur@gmail.com ದೂರವಾಣಿ : 08177-222221
ಸಂ.ಪು.ಬೇ.ಟೆಂಡರ್/ಸಿಆರ್-66/2024-25	ದಿನಾಂಕ:05-03-2025
ಟೆಂಡರ್ ಪ್ರಕಟಣೆ (ಇ-ಪ್ರೊಕ್ಯೂರ್ಮೆಂಟ್)
ಬೇಲೂರು ಪುರಸಭೆ ಮುಖ್ಯಾಧಿಕಾರಿಗಳು 2024-25ನೇ ಸಾಲಿನ ಎಸ್.ಎಫ್.ಸಿ ಮುಕ್ತ ನಿಧಿ, 15ನೇ ಹಣಕಾಸು ಯೋಜನೆ ಹಾಗೂ ಪುರಸಭೆ ನಿಧಿ ಅನುದಾನದಲ್ಲಿ ಕಾಮಗಾರಿಗಳಿಗೆ ಇ-ಪ್ರೊಕ್ಯೂರ್ಮೆಂಟ್ ಮೂಲಕ ಟೆಂಡರ್ ಆಹ್ವಾನಿಸಲಾಗಿದೆ. Electrical ಗುತ್ತಿಗೆದಾರರಿಂದ ದ್ವಿ-ಲಕೋಟೆ ಪದ್ಧತಿಯಲ್ಲಿ ಟೆಂಡರ್ ಸಲ್ಲಿಸಬಹುದು. ಟೆಂಡರ್ ದಾಖಲೆಗಳನ್ನು ಡೌನ್‌ಲೋಡ್ ಮಾಡುವ ದಿನಾಂಕ: 21.03.2025 ರಂದು ಸಂಜೆ 5.30 ಗಂಟೆವರೆಗೆ. ಟೆಂಡರ್ ಸಲ್ಲಿಸಲು ಕೊನೆಯ ದಿನಾಂಕ: 24.03.2025. ತಾಂತ್ರಿಕ ಬಿಡ್ ತೆರೆಯುವ ದಿನಾಂಕ: 27.03.2025 ರಂದು ಬೆಳಿಗ್ಗೆ 11.30 ಗಂಟೆಗೆ.
1) ಬೇಲೂರು ಪುರಸಭೆ ವ್ಯಾಪ್ತಿಯ ವಾರ್ಡ್‌ಗಳಲ್ಲಿ ಬೀದಿ ದೀಪ ಅಳವಡಿಕೆ ಕಾಮಗಾರಿ DMA/2024-25/RD/WORK_INDENT34931 ಅಂದಾಜು ಮೊತ್ತ ರೂ.1,43,500/-. 2) ಪುರಸಭೆ ಕಛೇರಿ ಕಟ್ಟಡ ದುರಸ್ತಿ ಕಾಮಗಾರಿ DMA/2024-25/RD/WORK_INDENT36017 ಅಂದಾಜು ಮೊತ್ತ ರೂ.12,46,896/-. 3) ಬೇಲೂರು ಪಟ್ಟಣದ ರಸ್ತೆ ಡಾಂಬರೀಕರಣ ಕಾಮಗಾರಿ DMA/2024-25/RD/WORK_INDENT36019 ಅಂದಾಜು ಮೊತ್ತ ರೂ.5,84,200/-. 4) ಒಳಚರಂಡಿ ದುರಸ್ತಿ ಕಾಮಗಾರಿ DMA/2024-25/EL/WORK_INDENT36023 ಅಂದಾಜು ಮೊತ್ತ ರೂ.16,82,345/-. 5) ಉದ್ಯಾನವನ ಅಭಿವೃದ್ಧಿ ಕಾಮಗಾರಿ DMA/2024-25/RD/WORK_INDENT34812 ಅಂದಾಜು ಮೊತ್ತ ರೂ.25,240/-. 6) ಕುಡಿಯುವ ನೀರಿನ ಪೈಪ್‌ಲೈನ್ ದುರಸ್ತಿ DMA/2024-25/RD/WORK_INDENT34810 ಅಂದಾಜು ಮೊತ್ತ ರೂ.10,750/-. 7) ಸ್ಮಶಾನ ಅಭಿವೃದ್ಧಿ ಕಾಮಗಾರಿ DMA/2024-25/RD/WORK_INDENT34806 ಅಂದಾಜು ಮೊತ್ತ ರೂ.17,45,125/-. 8) ಚರಂಡಿ ನಿರ್ಮಾಣ ಕಾಮಗಾರಿ DMA/2024-25/RD/WORK_INDENT34797 ಅಂದಾಜು ಮೊತ್ತ ರೂ.11,710/-. ಹೆಚ್ಚಿನ ವಿವರಗಳಿಗೆ www.kppp.karnataka.gov.in ನೋಡಬಹುದು.
ಸಹಿ/- (ಅಧ್ಯಕ್ಷರು) ಸಹಿ/- (ಮುಖ್ಯಾಧಿಕಾರಿಗಳು) ಪುರಸಭೆ, ಬೇಲೂರು
